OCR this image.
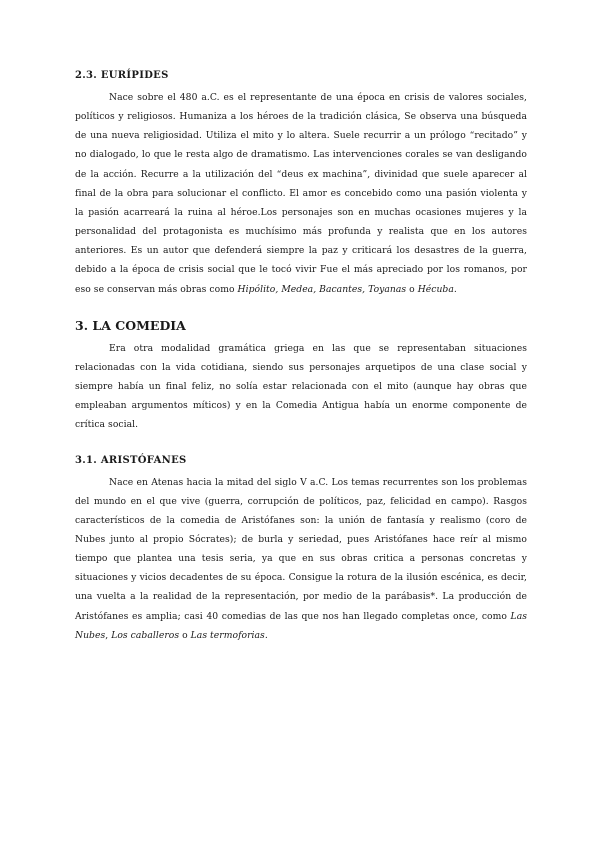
2.3. EURÍPIDES

Nace sobre el 480 a.C. es el representante de una época en crisis de valores sociales, políticos y religiosos. Humaniza a los héroes de la tradición clásica, Se observa una búsqueda de una nueva religiosidad. Utiliza el mito y lo altera. Suele recurrir a un prólogo “recitado” y no dialogado, lo que le resta algo de dramatismo. Las intervenciones corales se van desligando de la acción. Recurre a la utilización del “deus ex machina”, divinidad que suele aparecer al final de la obra para solucionar el conflicto. El amor es concebido como una pasión violenta y la pasión acarreará la ruina al héroe.Los personajes son en muchas ocasiones mujeres y la personalidad del protagonista es muchísimo más profunda y realista que en los autores anteriores. Es un autor que defenderá siempre la paz y criticará los desastres de la guerra, debido a la época de crisis social que le tocó vivir Fue el más apreciado por los romanos, por eso se conservan más obras como Hipólito, Medea, Bacantes, Toyanas o Hécuba.

3. LA COMEDIA

Era otra modalidad gramática griega en las que se representaban situaciones relacionadas con la vida cotidiana, siendo sus personajes arquetipos de una clase social y siempre había un final feliz, no solía estar relacionada con el mito (aunque hay obras que empleaban argumentos míticos) y en la Comedia Antigua había un enorme componente de crítica social.

3.1. ARISTÓFANES

Nace en Atenas hacia la mitad del siglo V a.C. Los temas recurrentes son los problemas del mundo en el que vive (guerra, corrupción de políticos, paz, felicidad en campo). Rasgos característicos de la comedia de Aristófanes son: la unión de fantasía y realismo (coro de Nubes junto al propio Sócrates); de burla y seriedad, pues Aristófanes hace reír al mismo tiempo que plantea una tesis seria, ya que en sus obras critica a personas concretas y situaciones y vicios decadentes de su época. Consigue la rotura de la ilusión escénica, es decir, una vuelta a la realidad de la representación, por medio de la parábasis*. La producción de Aristófanes es amplia; casi 40 comedias de las que nos han llegado completas once, como Las Nubes, Los caballeros o Las termoforias.
